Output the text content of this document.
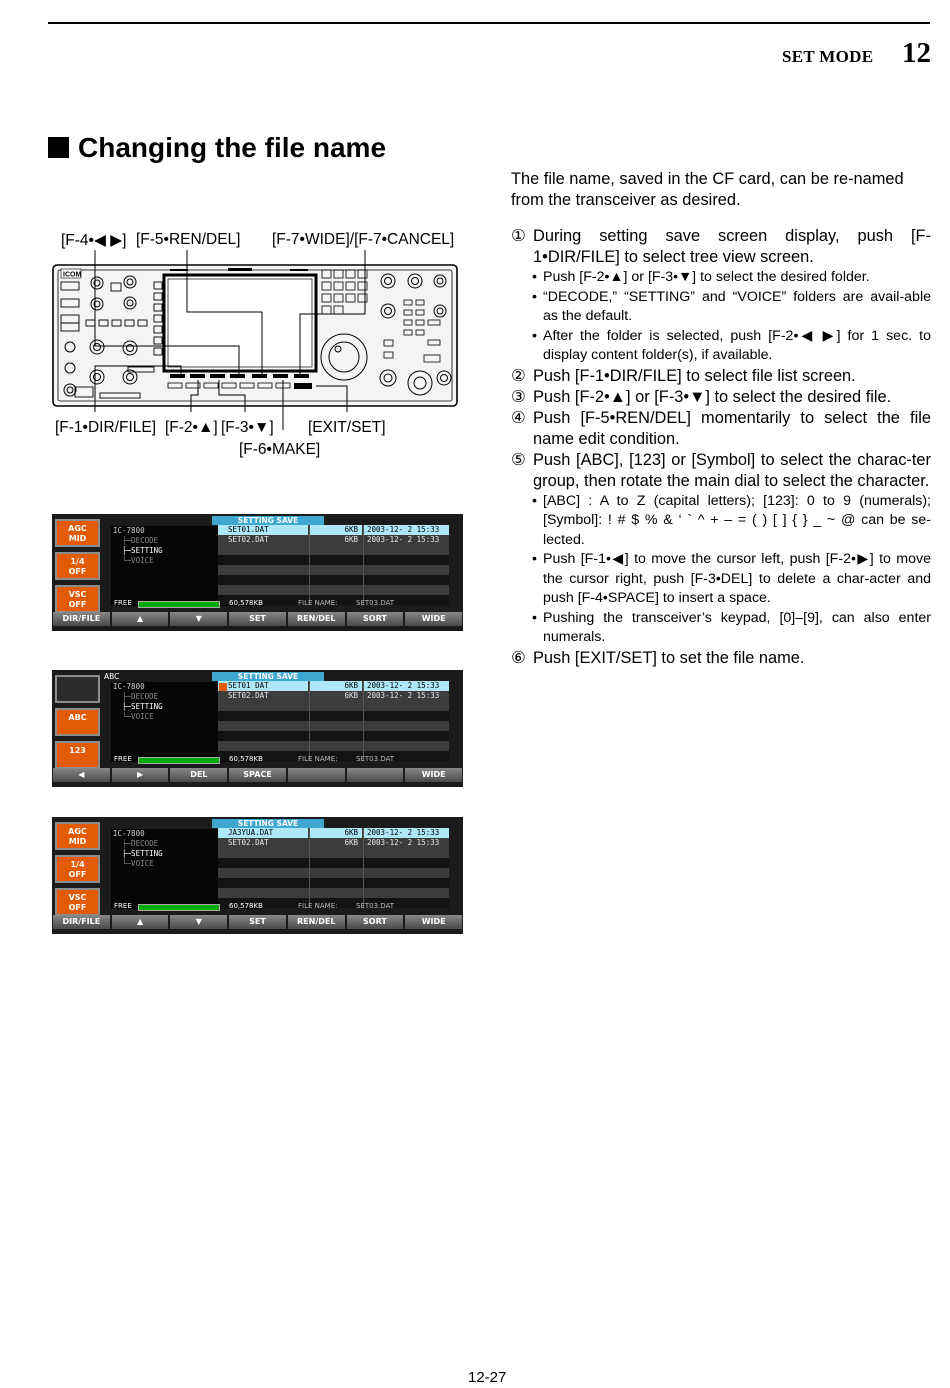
SET MODE 12
Changing the file name
The file name, saved in the CF card, can be re-named from the transceiver as desired.
① During setting save screen display, push [F-1•DIR/FILE] to select tree view screen.
• Push [F-2•▲] or [F-3•▼] to select the desired folder.
• “DECODE,” “SETTING” and “VOICE” folders are avail-able as the default.
• After the folder is selected, push [F-2•◀ ▶] for 1 sec. to display content folder(s), if available.
② Push [F-1•DIR/FILE] to select file list screen.
③ Push [F-2•▲] or [F-3•▼] to select the desired file.
④ Push [F-5•REN/DEL] momentarily to select the file name edit condition.
⑤ Push [ABC], [123] or [Symbol] to select the charac-ter group, then rotate the main dial to select the character.
• [ABC] : A to Z (capital letters); [123]: 0 to 9 (numerals); [Symbol]: ! # $ % & ‘ ` ^ + – = ( ) [ ] { } _ ~ @ can be se-lected.
• Push [F-1•◀] to move the cursor left, push [F-2•▶] to move the cursor right, push [F-3•DEL] to delete a char-acter and push [F-4•SPACE] to insert a space.
• Pushing the transceiver’s keypad, [0]–[9], can also enter numerals.
⑥ Push [EXIT/SET] to set the file name.
[F-4•◀ ▶] [F-5•REN/DEL] [F-7•WIDE]/[F-7•CANCEL]
[F-1•DIR/FILE] [F-2•▲] [F-3•▼] [EXIT/SET]
[F-6•MAKE]
ICOM
AGC
MID
1/4
OFF
VSC
OFF
SETTING SAVE
IC-7800
├─DECODE
├─SETTING
└─VOICE
SET01.DAT	6KB	2003-12- 2 15:33
SET02.DAT	6KB	2003-12- 2 15:33
FREE	60,578KB	FILE NAME:	SET03.DAT
DIR/FILE	▲	▼	SET	REN/DEL	SORT	WIDE
ABC
123
ABC	SETTING SAVE
IC-7800
├─DECODE
├─SETTING
└─VOICE
SET01 DAT	6KB	2003-12- 2 15:33
SET02.DAT	6KB	2003-12- 2 15:33
FREE	60,578KB	FILE NAME:	SET03.DAT
◀	▶	DEL	SPACE	WIDE
AGC
MID
1/4
OFF
VSC
OFF
SETTING SAVE
IC-7800
├─DECODE
├─SETTING
└─VOICE
JA3YUA.DAT	6KB	2003-12- 2 15:33
SET02.DAT	6KB	2003-12- 2 15:33
FREE	60,578KB	FILE NAME:	SET03.DAT
DIR/FILE	▲	▼	SET	REN/DEL	SORT	WIDE
12-27
